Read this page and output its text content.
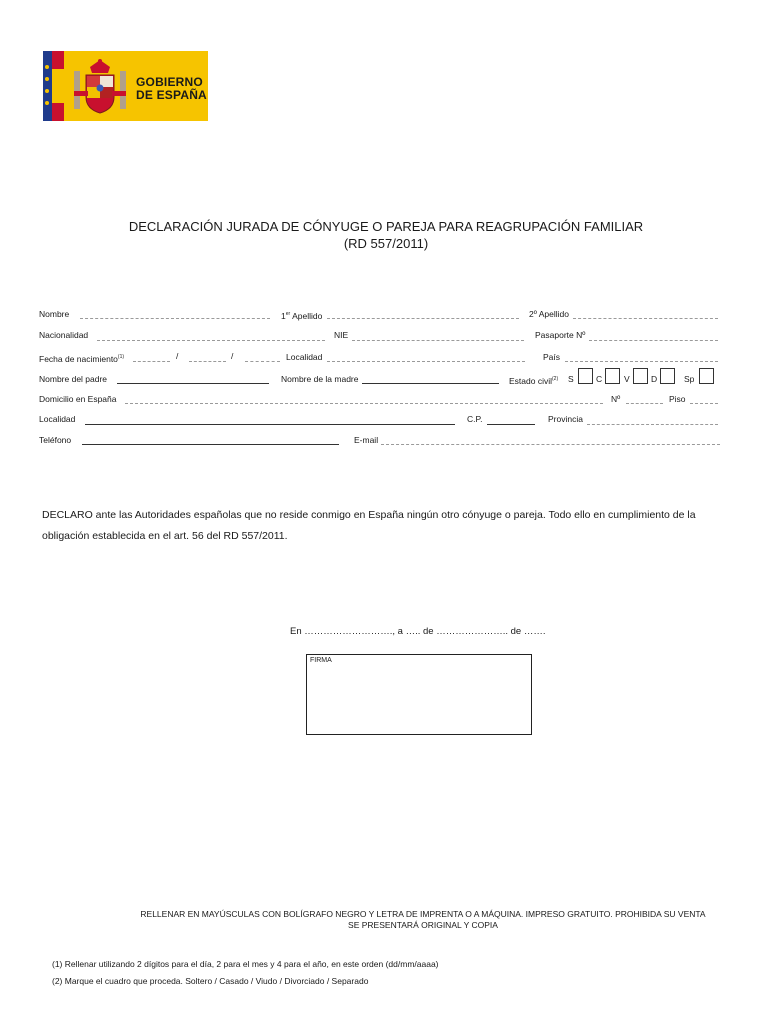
GOBIERNO
DE ESPAÑA
DECLARACIÓN JURADA DE CÓNYUGE O PAREJA PARA REAGRUPACIÓN FAMILIAR
(RD 557/2011)
Nombre	1er Apellido	2º Apellido
Nacionalidad	NIE	Pasaporte Nº
Fecha de nacimiento$^{(1)}$	/	/	Localidad	País
Nombre del padre	Nombre de la madre	Estado civil$^{(2)}$ S	C	V	D	Sp
Domicilio en España	Nº	Piso
Localidad	C.P.	Provincia
Teléfono	E-mail
DECLARO ante las Autoridades españolas que no reside conmigo en España ningún otro cónyuge o pareja. Todo ello en cumplimiento de la
obligación establecida en el art. 56 del RD 557/2011.
En ………………………., a ….. de ………………….. de …….
FIRMA
RELLENAR EN MAYÚSCULAS CON BOLÍGRAFO NEGRO Y LETRA DE IMPRENTA O A MÁQUINA. IMPRESO GRATUITO. PROHIBIDA SU VENTA
SE PRESENTARÁ ORIGINAL Y COPIA
(1) Rellenar utilizando 2 dígitos para el día, 2 para el mes y 4 para el año, en este orden (dd/mm/aaaa)
(2) Marque el cuadro que proceda. Soltero / Casado / Viudo / Divorciado / Separado
